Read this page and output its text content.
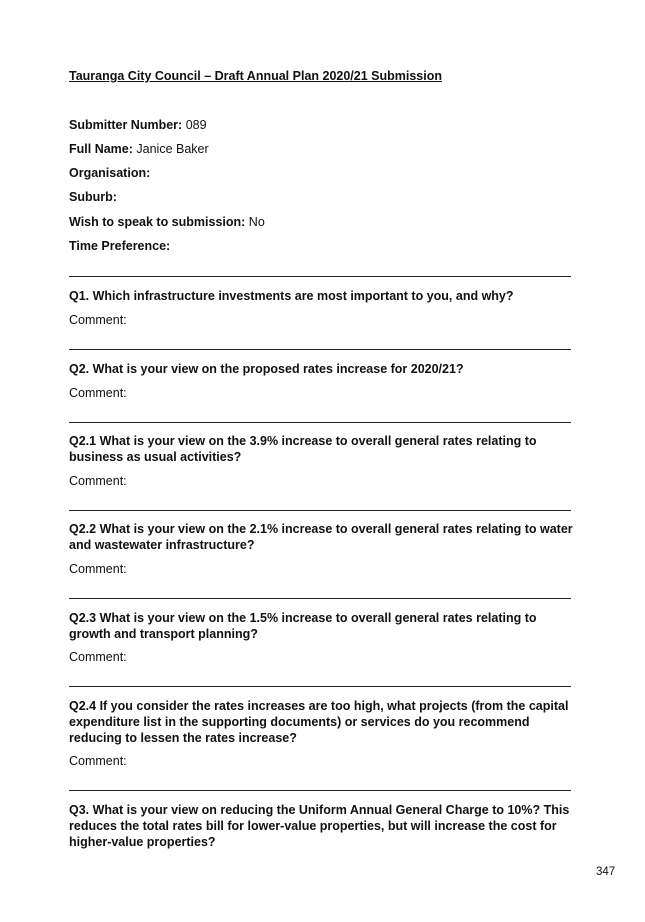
Tauranga City Council – Draft Annual Plan 2020/21 Submission
Submitter Number: 089
Full Name: Janice Baker
Organisation:
Suburb:
Wish to speak to submission: No
Time Preference:
Q1. Which infrastructure investments are most important to you, and why?
Comment:
Q2. What is your view on the proposed rates increase for 2020/21?
Comment:
Q2.1 What is your view on the 3.9% increase to overall general rates relating to business as usual activities?
Comment:
Q2.2 What is your view on the 2.1% increase to overall general rates relating to water and wastewater infrastructure?
Comment:
Q2.3 What is your view on the 1.5% increase to overall general rates relating to growth and transport planning?
Comment:
Q2.4 If you consider the rates increases are too high, what projects (from the capital expenditure list in the supporting documents) or services do you recommend reducing to lessen the rates increase?
Comment:
Q3. What is your view on reducing the Uniform Annual General Charge to 10%? This reduces the total rates bill for lower-value properties, but will increase the cost for higher-value properties?
347
